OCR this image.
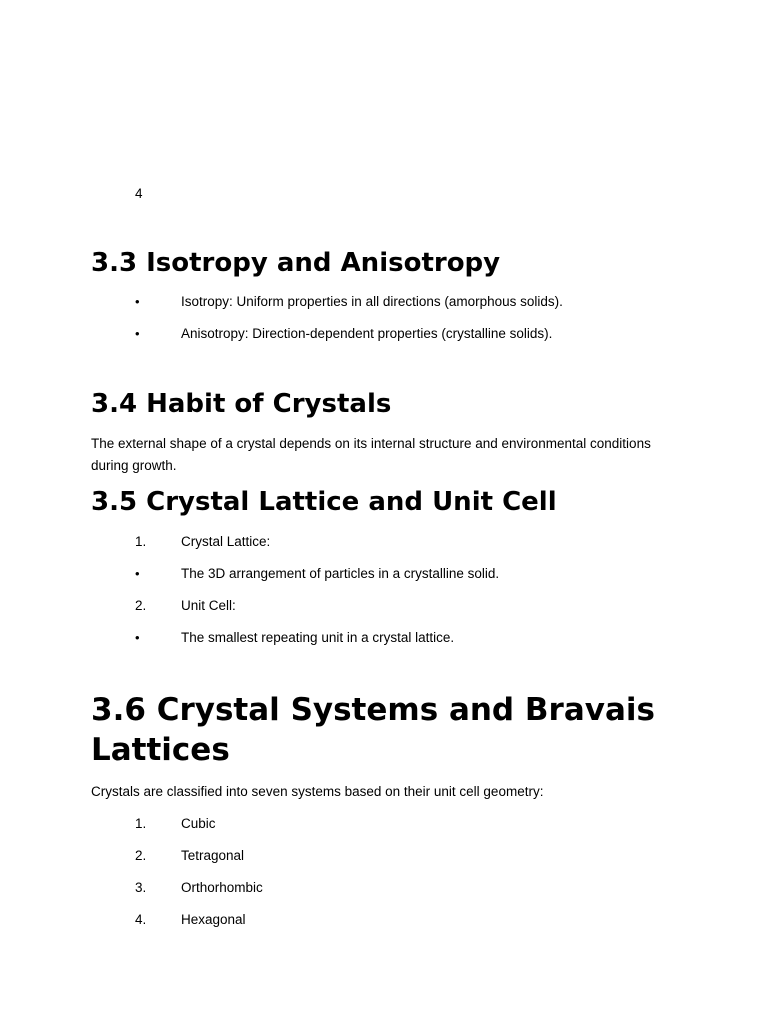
4
3.3 Isotropy and Anisotropy
•	Isotropy: Uniform properties in all directions (amorphous solids).
•	Anisotropy: Direction-dependent properties (crystalline solids).
3.4 Habit of Crystals
The external shape of a crystal depends on its internal structure and environmental conditions during growth.
3.5 Crystal Lattice and Unit Cell
1.	Crystal Lattice:
•	The 3D arrangement of particles in a crystalline solid.
2.	Unit Cell:
•	The smallest repeating unit in a crystal lattice.
3.6 Crystal Systems and Bravais Lattices
Crystals are classified into seven systems based on their unit cell geometry:
1.	Cubic
2.	Tetragonal
3.	Orthorhombic
4.	Hexagonal
